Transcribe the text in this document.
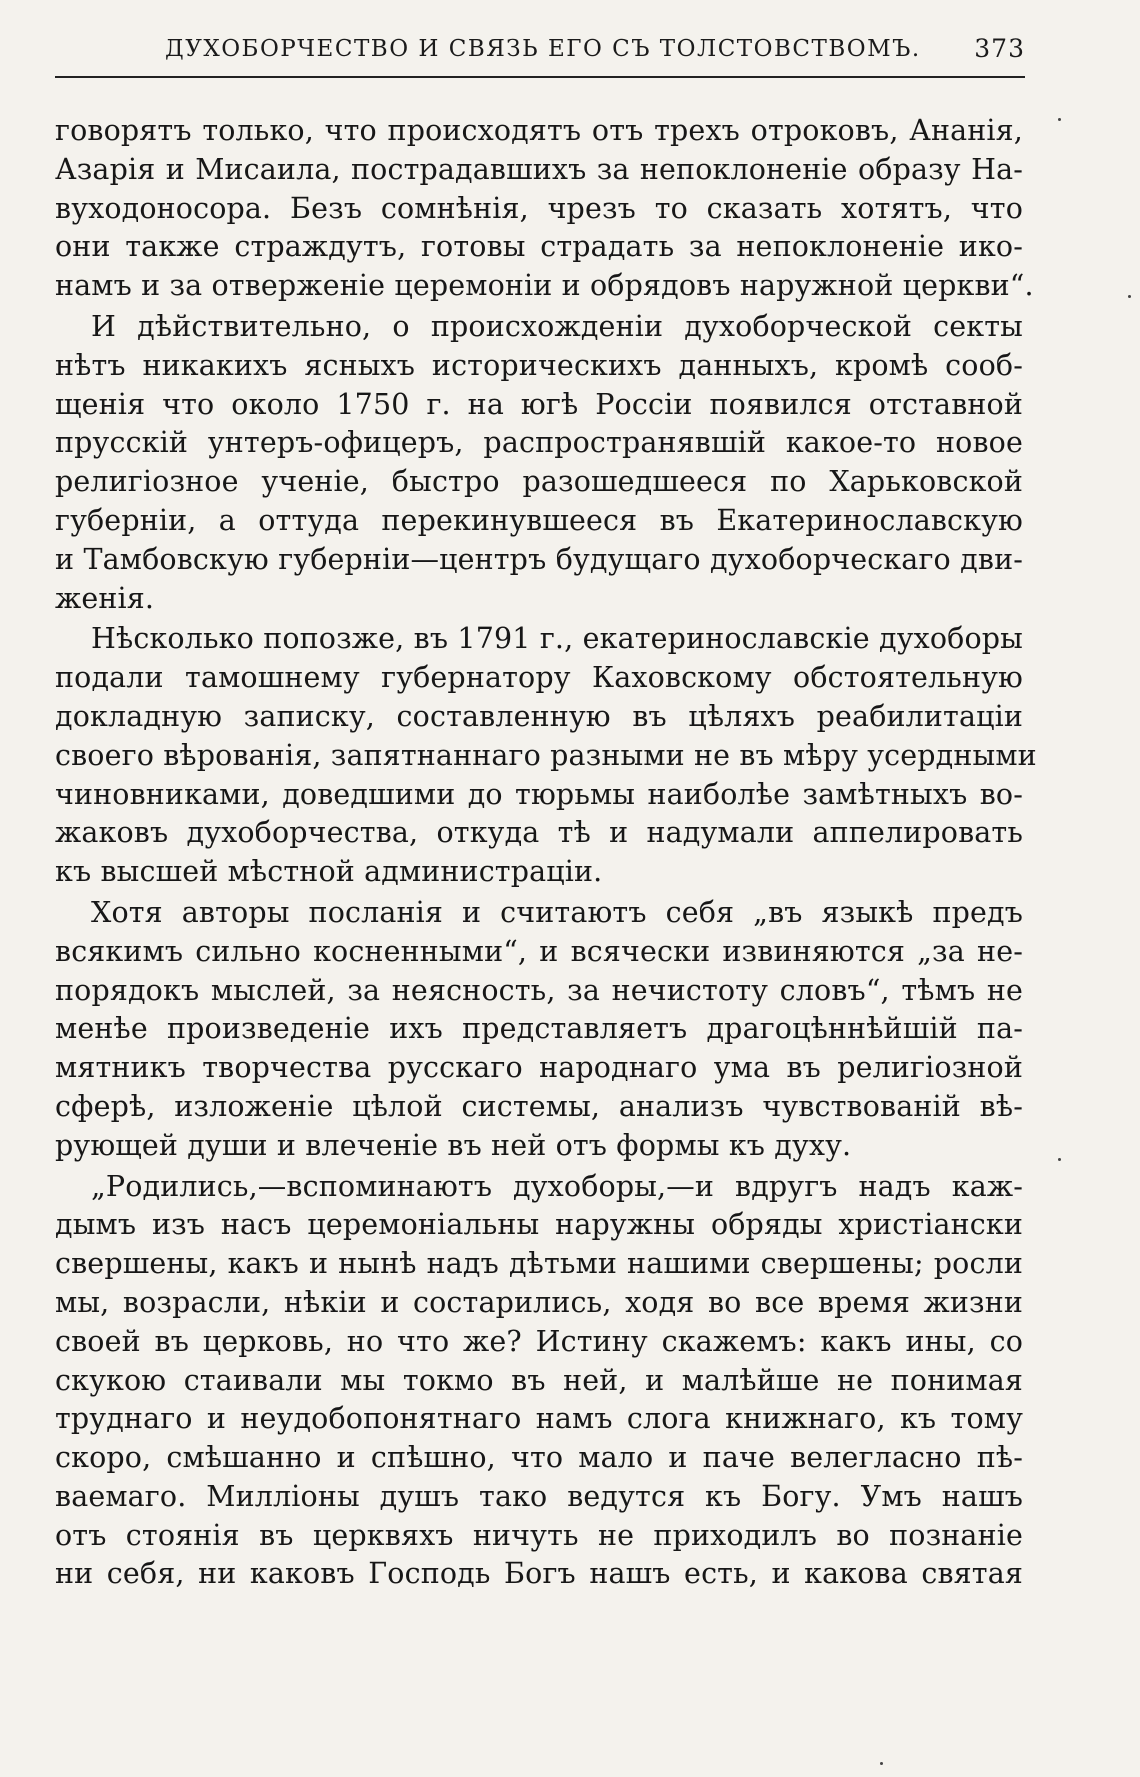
ДУХОБОРЧЕСТВО И СВЯЗЬ ЕГО СЪ ТОЛСТОВСТВОМЪ. 373
говорятъ только, что происходятъ отъ трехъ отроковъ, Ананія,
Азарія и Мисаила, пострадавшихъ за непоклоненіе образу На-
вуходоносора. Безъ сомнѣнія, чрезъ то сказать хотятъ, что
они также страждутъ, готовы страдать за непоклоненіе ико-
намъ и за отверженіе церемоніи и обрядовъ наружной церкви“.
И дѣйствительно, о происхожденіи духоборческой секты
нѣтъ никакихъ ясныхъ историческихъ данныхъ, кромѣ сооб-
щенія что около 1750 г. на югѣ Россіи появился отставной
прусскій унтеръ-офицеръ, распространявшій какое-то новое
религіозное ученіе, быстро разошедшееся по Харьковской
губерніи, а оттуда перекинувшееся въ Екатеринославскую
и Тамбовскую губерніи—центръ будущаго духоборческаго дви-
женія.
Нѣсколько попозже, въ 1791 г., екатеринославскіе духоборы
подали тамошнему губернатору Каховскому обстоятельную
докладную записку, составленную въ цѣляхъ реабилитаціи
своего вѣрованія, запятнаннаго разными не въ мѣру усердными
чиновниками, доведшими до тюрьмы наиболѣе замѣтныхъ во-
жаковъ духоборчества, откуда тѣ и надумали аппелировать
къ высшей мѣстной администраціи.
Хотя авторы посланія и считаютъ себя „въ языкѣ предъ
всякимъ сильно косненными“, и всячески извиняются „за не-
порядокъ мыслей, за неясность, за нечистоту словъ“, тѣмъ не
менѣе произведеніе ихъ представляетъ драгоцѣннѣйшій па-
мятникъ творчества русскаго народнаго ума въ религіозной
сферѣ, изложеніе цѣлой системы, анализъ чувствованій вѣ-
рующей души и влеченіе въ ней отъ формы къ духу.
„Родились,—вспоминаютъ духоборы,—и вдругъ надъ каж-
дымъ изъ насъ церемоніальны наружны обряды христіански
свершены, какъ и нынѣ надъ дѣтьми нашими свершены; росли
мы, возрасли, нѣкіи и состарились, ходя во все время жизни
своей въ церковь, но что же? Истину скажемъ: какъ ины, со
скукою стаивали мы токмо въ ней, и малѣйше не понимая
труднаго и неудобопонятнаго намъ слога книжнаго, къ тому
скоро, смѣшанно и спѣшно, что мало и паче велегласно пѣ-
ваемаго. Милліоны душъ тако ведутся къ Богу. Умъ нашъ
отъ стоянія въ церквяхъ ничуть не приходилъ во познаніе
ни себя, ни каковъ Господь Богъ нашъ есть, и какова святая
